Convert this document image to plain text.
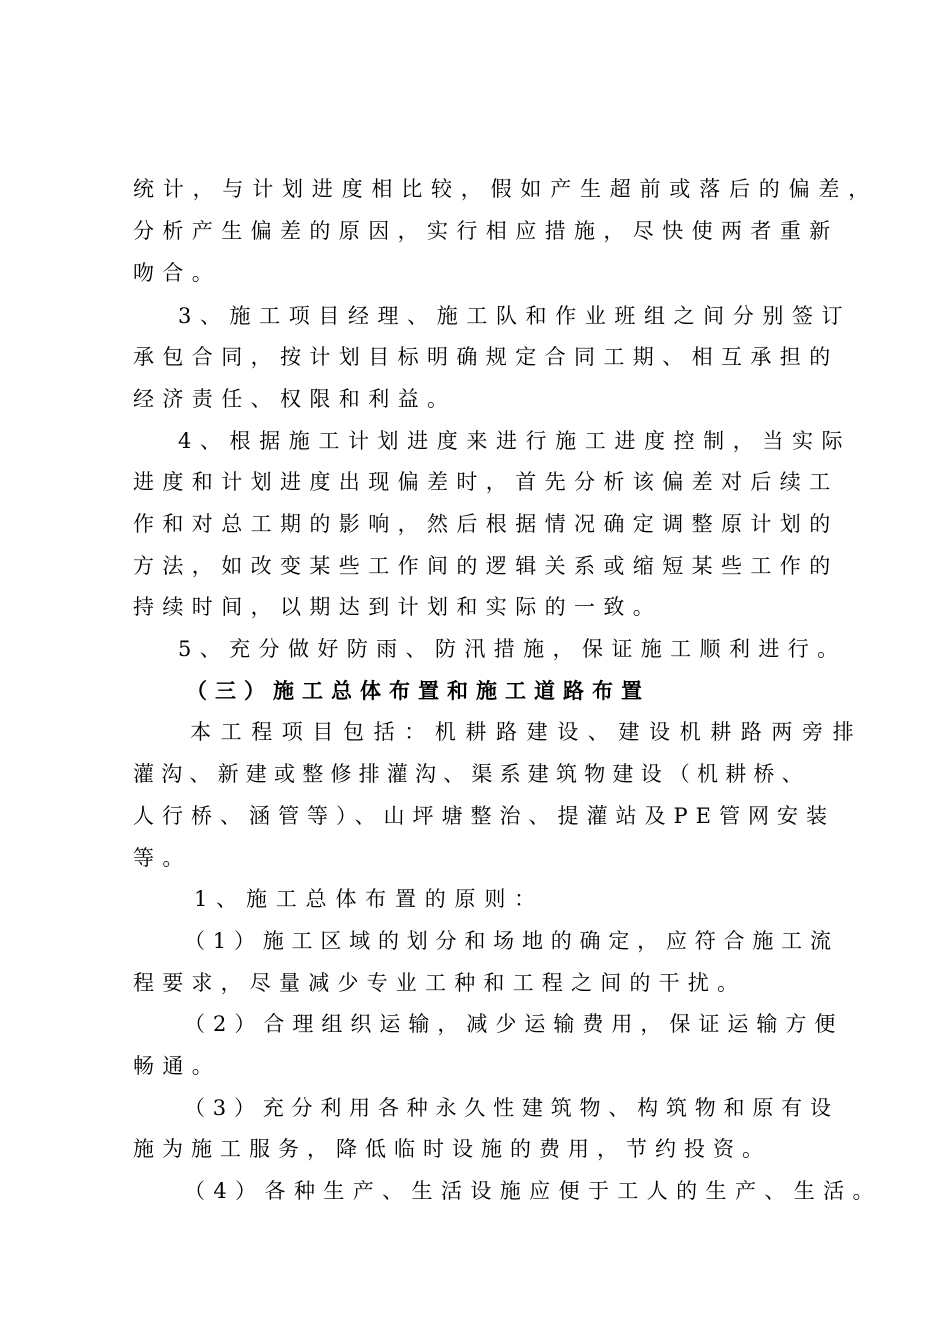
统计，与计划进度相比较，假如产生超前或落后的偏差，
分析产生偏差的原因，实行相应措施，尽快使两者重新
吻合。
3、施工项目经理、施工队和作业班组之间分别签订
承包合同，按计划目标明确规定合同工期、相互承担的
经济责任、权限和利益。
4、根据施工计划进度来进行施工进度控制，当实际
进度和计划进度出现偏差时，首先分析该偏差对后续工
作和对总工期的影响，然后根据情况确定调整原计划的
方法，如改变某些工作间的逻辑关系或缩短某些工作的
持续时间，以期达到计划和实际的一致。
5、充分做好防雨、防汛措施，保证施工顺利进行。
（三）施工总体布置和施工道路布置
本工程项目包括：机耕路建设、建设机耕路两旁排
灌沟、新建或整修排灌沟、渠系建筑物建设（机耕桥、
人行桥、涵管等）、山坪塘整治、提灌站及PE管网安装
等。
1、施工总体布置的原则：
（1）施工区域的划分和场地的确定，应符合施工流
程要求，尽量减少专业工种和工程之间的干扰。
（2）合理组织运输，减少运输费用，保证运输方便
畅通。
（3）充分利用各种永久性建筑物、构筑物和原有设
施为施工服务，降低临时设施的费用，节约投资。
（4）各种生产、生活设施应便于工人的生产、生活。
